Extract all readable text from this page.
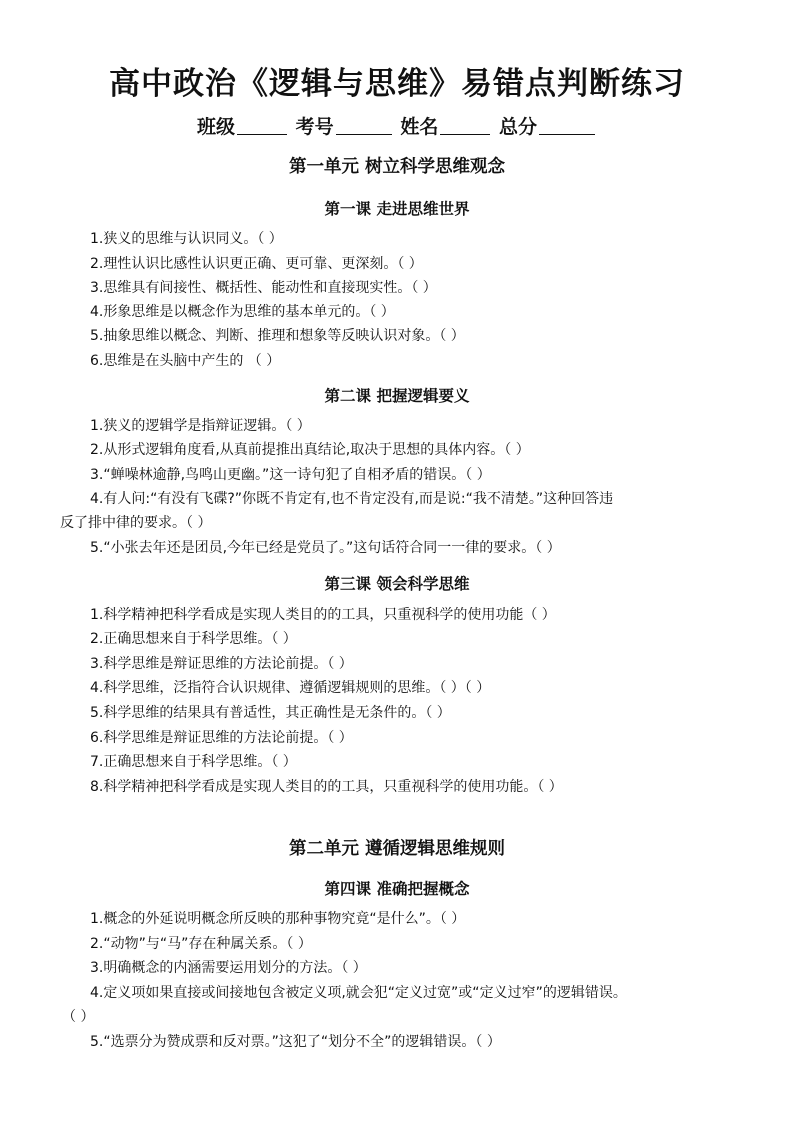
高中政治《逻辑与思维》易错点判断练习
班级	考号	姓名	总分
第一单元 树立科学思维观念
第一课 走进思维世界
1.狭义的思维与认识同义。（ ）
2.理性认识比感性认识更正确、更可靠、更深刻。（ ）
3.思维具有间接性、概括性、能动性和直接现实性。（ ）
4.形象思维是以概念作为思维的基本单元的。（ ）
5.抽象思维以概念、判断、推理和想象等反映认识对象。（ ）
6.思维是在头脑中产生的 （ ）
第二课 把握逻辑要义
1.狭义的逻辑学是指辩证逻辑。（ ）
2.从形式逻辑角度看,从真前提推出真结论,取决于思想的具体内容。（ ）
3.“蝉噪林逾静,鸟鸣山更幽。”这一诗句犯了自相矛盾的错误。（ ）
4.有人问:“有没有飞碟?”你既不肯定有,也不肯定没有,而是说:“我不清楚。”这种回答违
反了排中律的要求。（ ）
5.“小张去年还是团员,今年已经是党员了。”这句话符合同一一律的要求。（ ）
第三课 领会科学思维
1.科学精神把科学看成是实现人类目的的工具，只重视科学的使用功能（ ）
2.正确思想来自于科学思维。（ ）
3.科学思维是辩证思维的方法论前提。（ ）
4.科学思维，泛指符合认识规律、遵循逻辑规则的思维。（ ）（ ）
5.科学思维的结果具有普适性，其正确性是无条件的。（ ）
6.科学思维是辩证思维的方法论前提。（ ）
7.正确思想来自于科学思维。（ ）
8.科学精神把科学看成是实现人类目的的工具，只重视科学的使用功能。（ ）
第二单元 遵循逻辑思维规则
第四课 准确把握概念
1.概念的外延说明概念所反映的那种事物究竟“是什么”。（ ）
2.“动物”与“马”存在种属关系。（ ）
3.明确概念的内涵需要运用划分的方法。（ ）
4.定义项如果直接或间接地包含被定义项,就会犯“定义过宽”或“定义过窄”的逻辑错误。
（ ）
5.“选票分为赞成票和反对票。”这犯了“划分不全”的逻辑错误。（ ）
